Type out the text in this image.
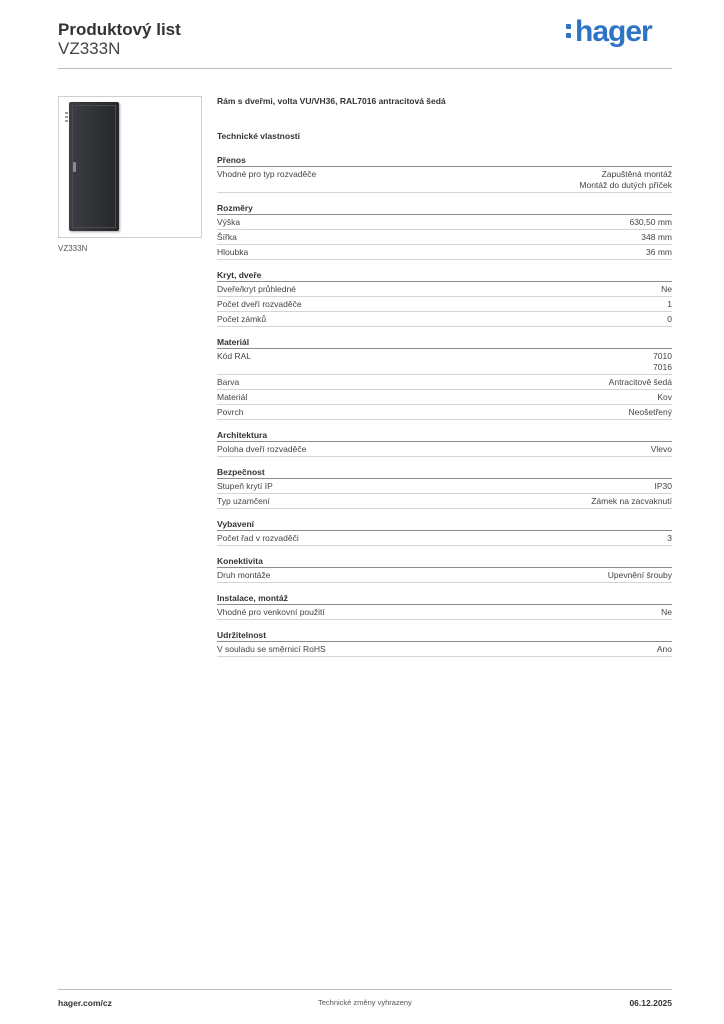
Produktový list
VZ333N
hager
VZ333N
Rám s dveřmi, volta VU/VH36, RAL7016 antracitová šedá
Technické vlastnosti
Přenos
Vhodné pro typ rozvaděče	Zapuštěná montáž
Montáž do dutých příček
Rozměry
Výška	630,50 mm
Šířka	348 mm
Hloubka	36 mm
Kryt, dveře
Dveře/kryt průhledné	Ne
Počet dveří rozvaděče	1
Počet zámků	0
Materiál
Kód RAL	7010
7016
Barva	Antracitově šedá
Materiál	Kov
Povrch	Neošetřený
Architektura
Poloha dveří rozvaděče	Vlevo
Bezpečnost
Stupeň krytí IP	IP30
Typ uzamčení	Zámek na zacvaknutí
Vybavení
Počet řad v rozvaděči	3
Konektivita
Druh montáže	Upevnění šrouby
Instalace, montáž
Vhodné pro venkovní použití	Ne
Udržitelnost
V souladu se směrnicí RoHS	Ano
hager.com/cz	Technické změny vyhrazeny	06.12.2025
